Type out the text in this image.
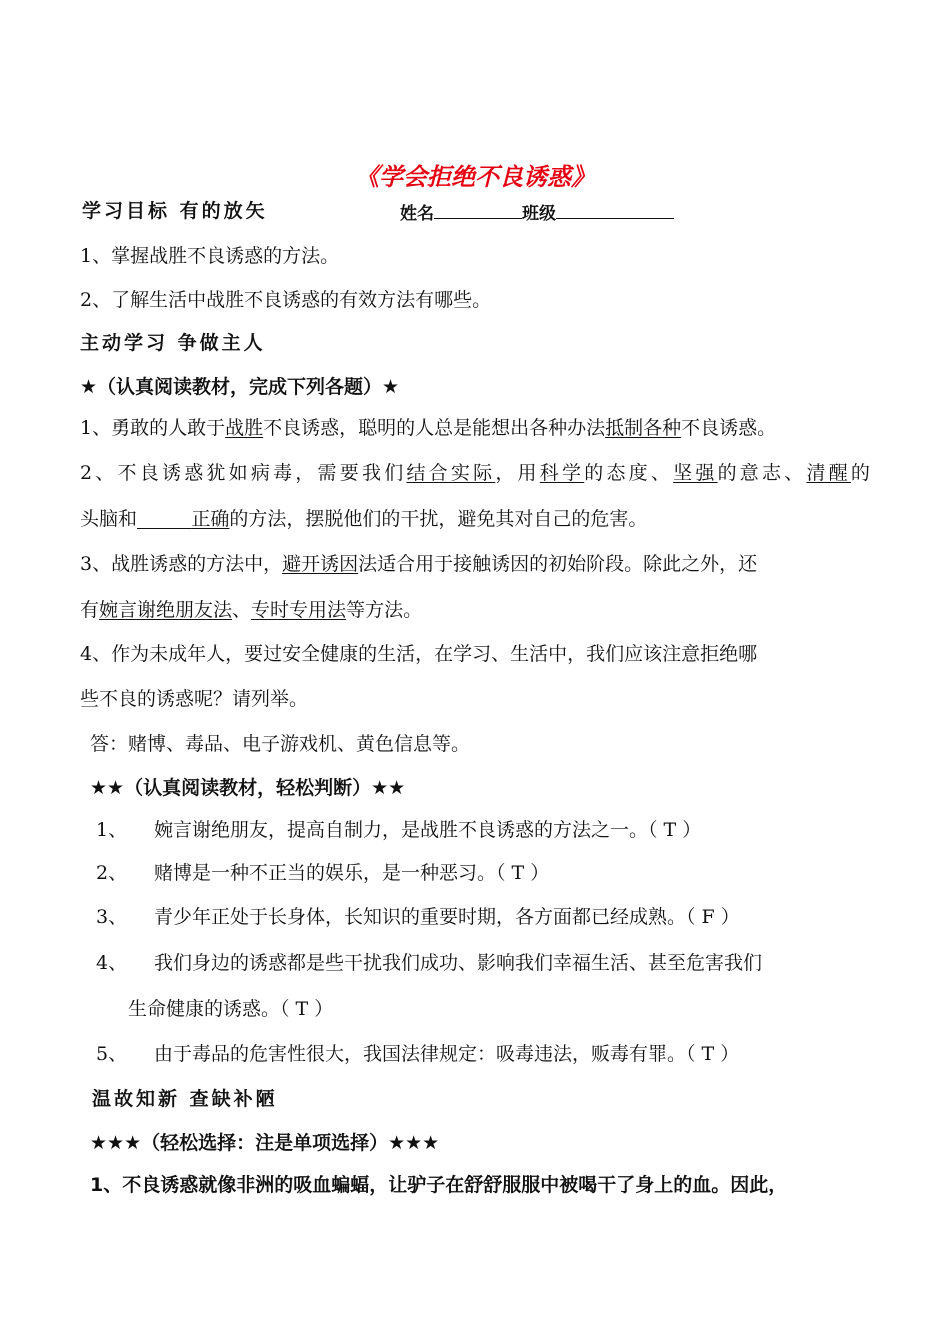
《学会拒绝不良诱惑》
学习目标 有的放矢	姓名	班级
1、掌握战胜不良诱惑的方法。
2、了解生活中战胜不良诱惑的有效方法有哪些。
主动学习 争做主人
★（认真阅读教材，完成下列各题）★
1、勇敢的人敢于战胜不良诱惑，聪明的人总是能想出各种办法抵制各种不良诱惑。
2、不良诱惑犹如病毒，需要我们结合实际，用科学的态度、坚强的意志、清醒的
头脑和	正确的方法，摆脱他们的干扰，避免其对自己的危害。
3、战胜诱惑的方法中，避开诱因法适合用于接触诱因的初始阶段。除此之外，还
有婉言谢绝朋友法、专时专用法等方法。
4、作为未成年人，要过安全健康的生活，在学习、生活中，我们应该注意拒绝哪
些不良的诱惑呢？请列举。
答：赌博、毒品、电子游戏机、黄色信息等。
★★（认真阅读教材，轻松判断）★★
1、 婉言谢绝朋友，提高自制力，是战胜不良诱惑的方法之一。（ T ）
2、 赌博是一种不正当的娱乐，是一种恶习。（ T ）
3、 青少年正处于长身体，长知识的重要时期，各方面都已经成熟。（ F ）
4、 我们身边的诱惑都是些干扰我们成功、影响我们幸福生活、甚至危害我们
生命健康的诱惑。（ T ）
5、 由于毒品的危害性很大，我国法律规定：吸毒违法，贩毒有罪。（ T ）
温故知新 查缺补陋
★★★（轻松选择：注是单项选择）★★★
1、不良诱惑就像非洲的吸血蝙蝠，让驴子在舒舒服服中被喝干了身上的血。因此，
